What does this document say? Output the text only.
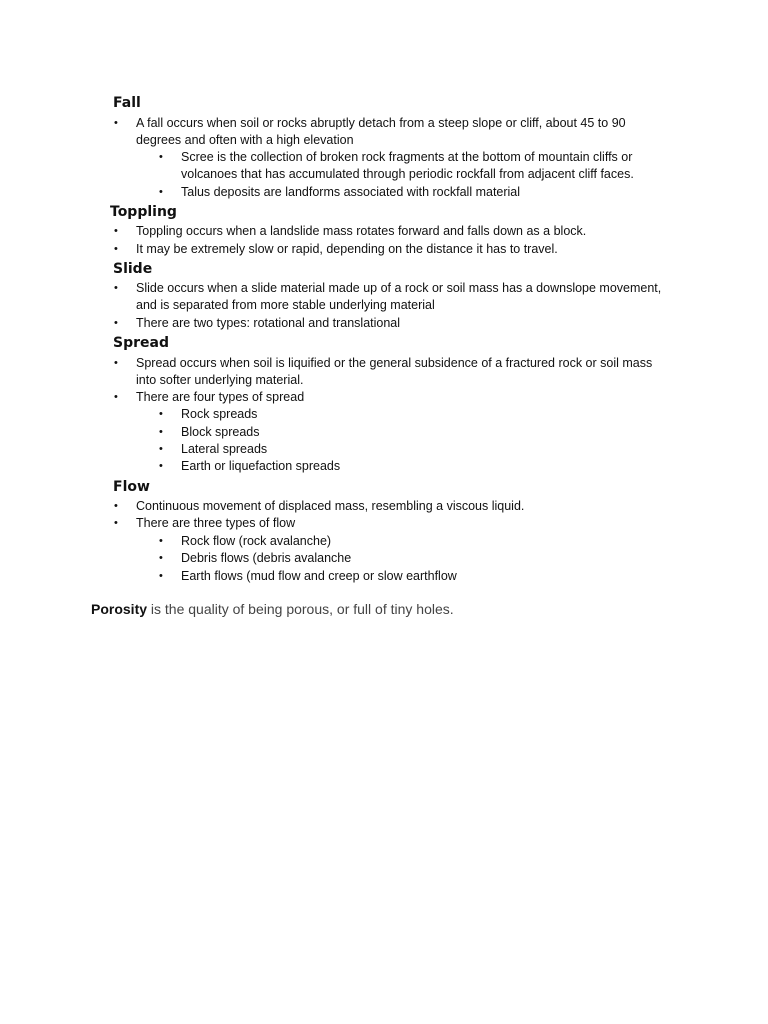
Fall
• A fall occurs when soil or rocks abruptly detach from a steep slope or cliff, about 45 to 90
degrees and often with a high elevation
• Scree is the collection of broken rock fragments at the bottom of mountain cliffs or
volcanoes that has accumulated through periodic rockfall from adjacent cliff faces.
• Talus deposits are landforms associated with rockfall material
Toppling
• Toppling occurs when a landslide mass rotates forward and falls down as a block.
• It may be extremely slow or rapid, depending on the distance it has to travel.
Slide
• Slide occurs when a slide material made up of a rock or soil mass has a downslope movement,
and is separated from more stable underlying material
• There are two types: rotational and translational
Spread
• Spread occurs when soil is liquified or the general subsidence of a fractured rock or soil mass
into softer underlying material.
• There are four types of spread
• Rock spreads
• Block spreads
• Lateral spreads
• Earth or liquefaction spreads
Flow
• Continuous movement of displaced mass, resembling a viscous liquid.
• There are three types of flow
• Rock flow (rock avalanche)
• Debris flows (debris avalanche
• Earth flows (mud flow and creep or slow earthflow
Porosity is the quality of being porous, or full of tiny holes.
